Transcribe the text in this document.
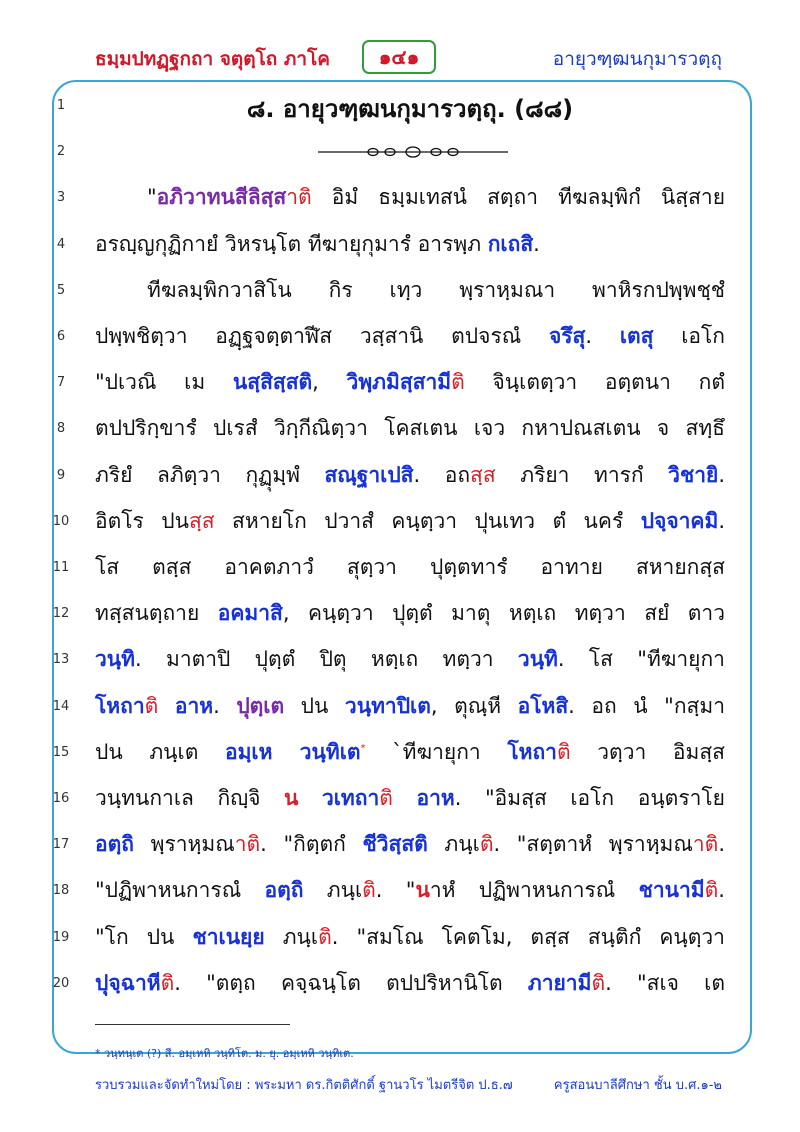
ธมฺมปทฏฺฐกถา จตุตฺโถ ภาโค	๑๔๑	อายุวฑฺฒนกุมารวตฺถุ
1	๘. อายุวฑฺฒนกุมารวตฺถุ. (๘๘)
2
3	"อภิวาทนสีลิสฺสาติ อิมํ ธมฺมเทสนํ สตฺถา ทีฆลมฺพิกํ นิสฺสาย
4	อรญฺญกุฏิกายํ วิหรนฺโต ทีฆายุกุมารํ อารพฺภ กเถสิ.
5	ทีฆลมฺพิกวาสิโน กิร เทฺว พฺราหฺมณา พาหิรกปพฺพชฺชํ
6	ปพฺพชิตฺวา อฏฺฐจตฺตาฬีส วสฺสานิ ตปจรณํ จรึสุ. เตสุ เอโก
7	"ปเวณิ เม นสฺสิสฺสติ, วิพฺภมิสฺสามีติ จินฺเตตฺวา อตฺตนา กตํ
8	ตปปริกฺขารํ ปเรสํ วิกฺกีณิตฺวา โคสเตน เจว กหาปณสเตน จ สทฺธึ
9	ภริยํ ลภิตฺวา กุฏุมฺพํ สณฺฐาเปสิ. อถสฺส ภริยา ทารกํ วิชายิ.
10 อิตโร ปนสฺส สหายโก ปวาสํ คนฺตฺวา ปุนเทว ตํ นครํ ปจฺจาคมิ.
11 โส ตสฺส อาคตภาวํ สุตฺวา ปุตฺตทารํ อาทาย สหายกสฺส
12 ทสฺสนตฺถาย อคมาสิ, คนฺตฺวา ปุตฺตํ มาตุ หตฺเถ ทตฺวา สยํ ตาว
13 วนฺทิ. มาตาปิ ปุตฺตํ ปิตุ หตฺเถ ทตฺวา วนฺทิ. โส "ทีฆายุกา
14 โหถาติ อาห. ปุตฺเต ปน วนฺทาปิเต, ตุณฺหี อโหสิ. อถ นํ "กสฺมา
15 ปน ภนฺเต อมฺเห วนฺทิเต* `ทีฆายุกา โหถาติ วตฺวา อิมสฺส
16 วนฺทนกาเล กิญฺจิ น วเทถาติ อาห. "อิมสฺส เอโก อนฺตราโย
17 อตฺถิ พฺราหฺมณาติ. "กิตฺตกํ ชีวิสฺสติ ภนฺเติ. "สตฺตาหํ พฺราหฺมณาติ.
18 "ปฏิพาหนการณํ อตฺถิ ภนฺเติ. "นาหํ ปฏิพาหนการณํ ชานามีติ.
19 "โก ปน ชาเนยฺย ภนฺเติ. "สมโณ โคตโม, ตสฺส สนฺติกํ คนฺตฺวา
20 ปุจฺฉาหีติ. "ตตฺถ คจฺฉนฺโต ตปปริหานิโต ภายามีติ. "สเจ เต
* วนฺทนฺเต (?) สี. อมฺเหหิ วนฺทิโต. ม. ยุ. อมฺเหหิ วนฺทิเต.
รวบรวมและจัดทำใหม่โดย : พระมหา ดร.กิตติศักดิ์ ฐานวโร ไมตรีจิต ป.ธ.๗	ครูสอนบาลีศึกษา ชั้น บ.ศ.๑-๒
